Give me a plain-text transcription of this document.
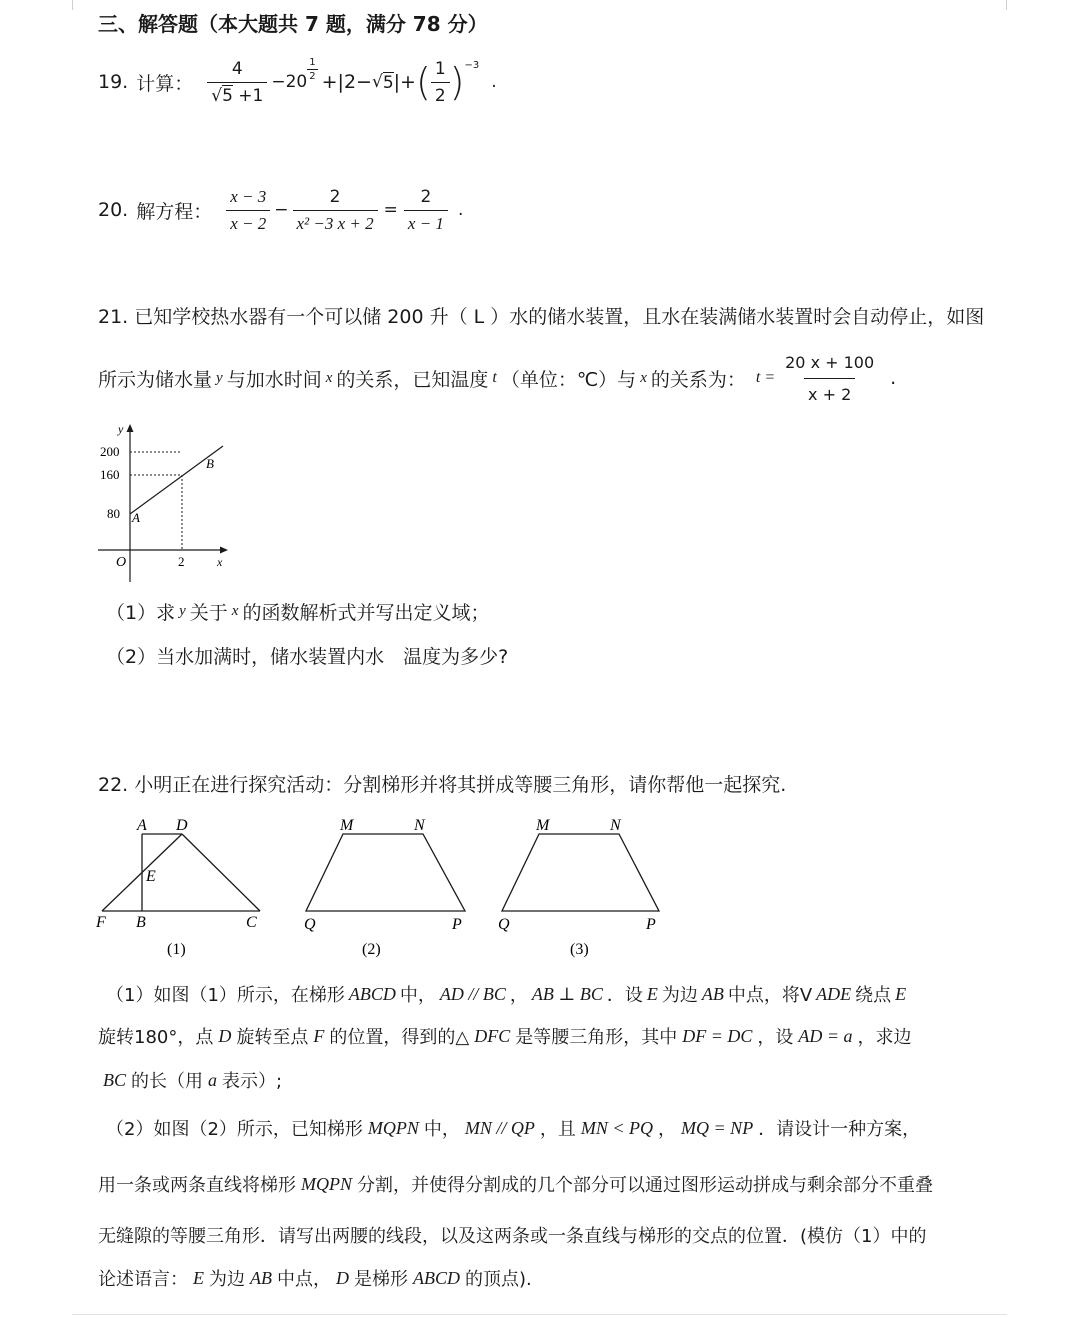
三、解答题（本大题共 7 题，满分 78 分）
19. 计算： $\frac{4}{√5 +1} -20$
$\frac{1}{2}$
+|2− √ 5 |+ ( $\frac{1}{2}$ ) −3
.
20. 解方程： $\frac{x - 3}{x - 2} - \frac{2}{\text{x² −3 x + 2}} = \frac{2}{x - 1}$ .
21. 已知学校热水器有一个可以储 200 升（ L ）水的储水装置，且水在装满储水装置时会自动停止，如图
所示为储水量 y 与加水时间 x 的关系，已知温度 t （单位：℃）与 x 的关系为： $t = \frac{20 x + 100}{x + 2}$ .
y
x
O
200
160
80
2
A
B
（1）求 y 关于 x 的函数解析式并写出定义域；
（2）当水加满时，储水装置内水　温度为多少?
22. 小明正在进行探究活动：分割梯形并将其拼成等腰三角形，请你帮他一起探究.
A D
E
F B	C
(1)
M	N
Q	P
(2)
M	N
Q	P
(3)
（1）如图（1）所示，在梯形 ABCD 中， AD // BC ， AB ⊥ BC ．设 E 为边 AB 中点，将V ADE 绕点 E
旋转180°，点 D 旋转至点 F 的位置，得到的△ DFC 是等腰三角形，其中 DF = DC ，设 AD = a ，求边
BC 的长（用 a 表示）;
（2）如图（2）所示，已知梯形 MQPN 中， MN // QP ，且 MN < PQ ， MQ = NP ．请设计一种方案，
用一条或两条直线将梯形 MQPN 分割，并使得分割成的几个部分可以通过图形运动拼成与剩余部分不重叠
无缝隙的等腰三角形．请写出两腰的线段，以及这两条或一条直线与梯形的交点的位置．(模仿（1）中的
论述语言： E 为边 AB 中点， D 是梯形 ABCD 的顶点).
